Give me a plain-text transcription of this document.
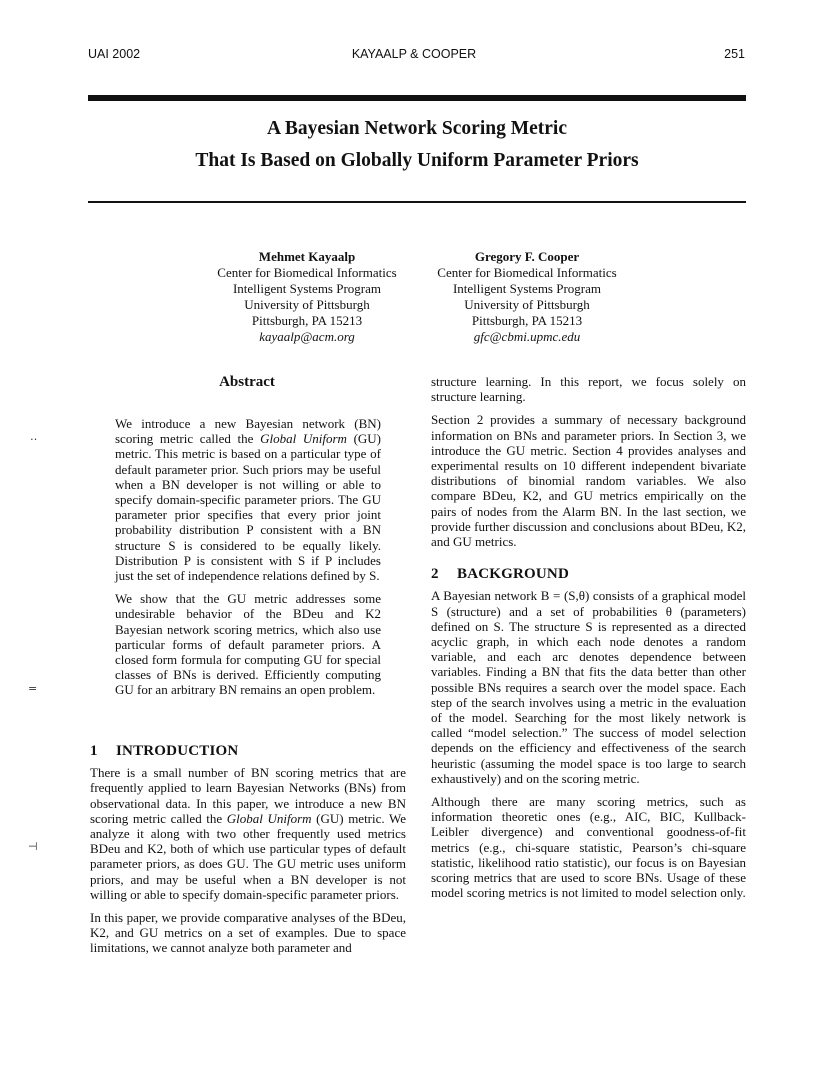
UAI 2002	KAYAALP & COOPER	251
A Bayesian Network Scoring Metric
That Is Based on Globally Uniform Parameter Priors
Mehmet Kayaalp
Center for Biomedical Informatics
Intelligent Systems Program
University of Pittsburgh
Pittsburgh, PA 15213
kayaalp@acm.org
Gregory F. Cooper
Center for Biomedical Informatics
Intelligent Systems Program
University of Pittsburgh
Pittsburgh, PA 15213
gfc@cbmi.upmc.edu
Abstract

We introduce a new Bayesian network (BN) scoring metric called the Global Uniform (GU) metric. This metric is based on a particular type of default parameter prior. Such priors may be useful when a BN developer is not willing or able to specify domain-specific parameter priors. The GU parameter prior specifies that every prior joint probability distribution P consistent with a BN structure S is considered to be equally likely. Distribution P is consistent with S if P includes just the set of independence relations defined by S.

We show that the GU metric addresses some undesirable behavior of the BDeu and K2 Bayesian network scoring metrics, which also use particular forms of default parameter priors. A closed form formula for computing GU for special classes of BNs is derived. Efficiently computing GU for an arbitrary BN remains an open problem.

1 INTRODUCTION

There is a small number of BN scoring metrics that are frequently applied to learn Bayesian Networks (BNs) from observational data. In this paper, we introduce a new BN scoring metric called the Global Uniform (GU) metric. We analyze it along with two other frequently used metrics BDeu and K2, both of which use particular types of default parameter priors, as does GU. The GU metric uses uniform priors, and may be useful when a BN developer is not willing or able to specify domain-specific parameter priors.

In this paper, we provide comparative analyses of the BDeu, K2, and GU metrics on a set of examples. Due to space limitations, we cannot analyze both parameter and

structure learning. In this report, we focus solely on structure learning.

Section 2 provides a summary of necessary background information on BNs and parameter priors. In Section 3, we introduce the GU metric. Section 4 provides analyses and experimental results on 10 different independent bivariate distributions of binomial random variables. We also compare BDeu, K2, and GU metrics empirically on the pairs of nodes from the Alarm BN. In the last section, we provide further discussion and conclusions about BDeu, K2, and GU metrics.

2 BACKGROUND

A Bayesian network B = (S,θ) consists of a graphical model S (structure) and a set of probabilities θ (parameters) defined on S. The structure S is represented as a directed acyclic graph, in which each node denotes a random variable, and each arc denotes dependence between variables. Finding a BN that fits the data better than other possible BNs requires a search over the model space. Each step of the search involves using a metric in the evaluation of the model. Searching for the most likely network is called “model selection.” The success of model selection depends on the efficiency and effectiveness of the search heuristic (assuming the model space is too large to search exhaustively) and on the scoring metric.

Although there are many scoring metrics, such as information theoretic ones (e.g., AIC, BIC, Kullback-Leibler divergence) and conventional goodness-of-fit metrics (e.g., chi-square statistic, Pearson’s chi-square statistic, likelihood ratio statistic), our focus is on Bayesian scoring metrics that are used to score BNs. Usage of these model scoring metrics is not limited to model selection only.

‥
=
⊣
